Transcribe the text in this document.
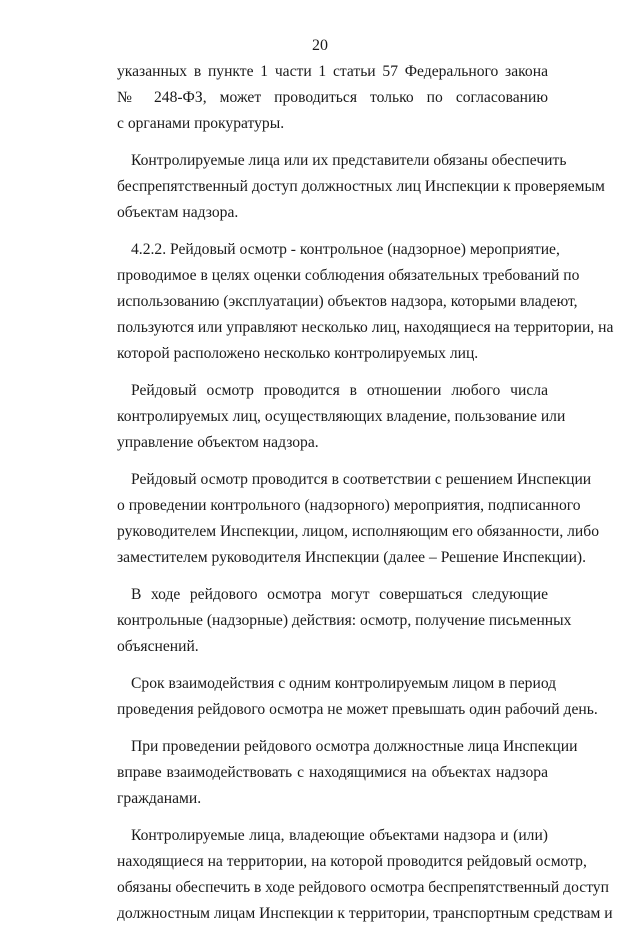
20
указанных в пункте 1 части 1 статьи 57 Федерального закона
№ 248-ФЗ, может проводиться только по согласованию
с органами прокуратуры.
Контролируемые лица или их представители обязаны обеспечить
беспрепятственный доступ должностных лиц Инспекции к проверяемым
объектам надзора.
4.2.2. Рейдовый осмотр - контрольное (надзорное) мероприятие,
проводимое в целях оценки соблюдения обязательных требований по
использованию (эксплуатации) объектов надзора, которыми владеют,
пользуются или управляют несколько лиц, находящиеся на территории, на
которой расположено несколько контролируемых лиц.
Рейдовый осмотр проводится в отношении любого числа
контролируемых лиц, осуществляющих владение, пользование или
управление объектом надзора.
Рейдовый осмотр проводится в соответствии с решением Инспекции
о проведении контрольного (надзорного) мероприятия, подписанного
руководителем Инспекции, лицом, исполняющим его обязанности, либо
заместителем руководителя Инспекции (далее – Решение Инспекции).
В ходе рейдового осмотра могут совершаться следующие
контрольные (надзорные) действия: осмотр, получение письменных
объяснений.
Срок взаимодействия с одним контролируемым лицом в период
проведения рейдового осмотра не может превышать один рабочий день.
При проведении рейдового осмотра должностные лица Инспекции
вправе взаимодействовать с находящимися на объектах надзора
гражданами.
Контролируемые лица, владеющие объектами надзора и (или)
находящиеся на территории, на которой проводится рейдовый осмотр,
обязаны обеспечить в ходе рейдового осмотра беспрепятственный доступ
должностным лицам Инспекции к территории, транспортным средствам и
